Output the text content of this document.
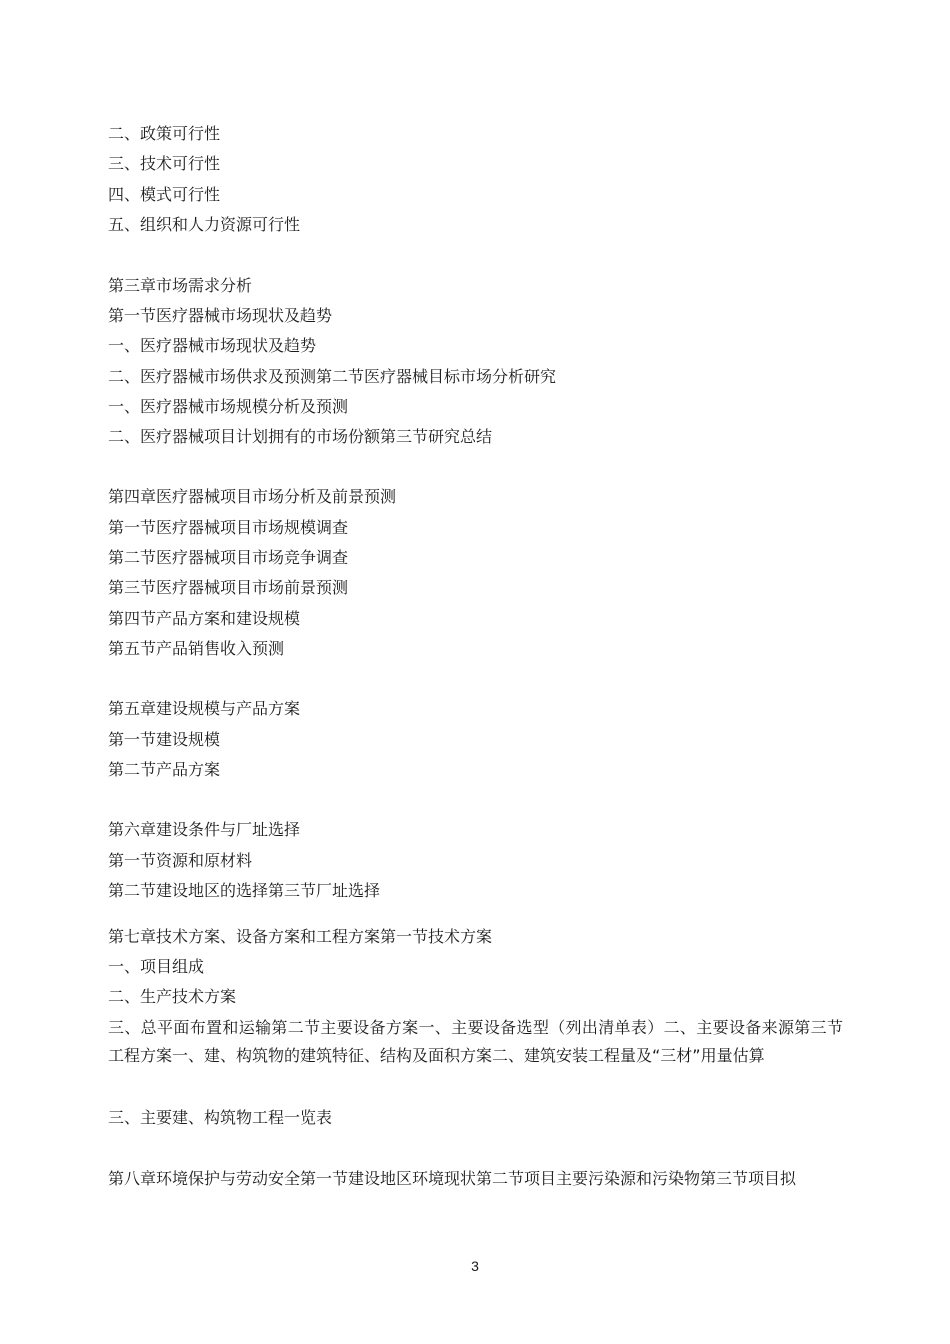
二、政策可行性
三、技术可行性
四、模式可行性
五、组织和人力资源可行性
第三章市场需求分析
第一节医疗器械市场现状及趋势
一、医疗器械市场现状及趋势
二、医疗器械市场供求及预测第二节医疗器械目标市场分析研究
一、医疗器械市场规模分析及预测
二、医疗器械项目计划拥有的市场份额第三节研究总结
第四章医疗器械项目市场分析及前景预测
第一节医疗器械项目市场规模调查
第二节医疗器械项目市场竞争调查
第三节医疗器械项目市场前景预测
第四节产品方案和建设规模
第五节产品销售收入预测
第五章建设规模与产品方案
第一节建设规模
第二节产品方案
第六章建设条件与厂址选择
第一节资源和原材料
第二节建设地区的选择第三节厂址选择
第七章技术方案、设备方案和工程方案第一节技术方案
一、项目组成
二、生产技术方案
三、总平面布置和运输第二节主要设备方案一、主要设备选型（列出清单表）二、主要设备来源第三节工程方案一、建、构筑物的建筑特征、结构及面积方案二、建筑安装工程量及“三材”用量估算
三、主要建、构筑物工程一览表
第八章环境保护与劳动安全第一节建设地区环境现状第二节项目主要污染源和污染物第三节项目拟
3
